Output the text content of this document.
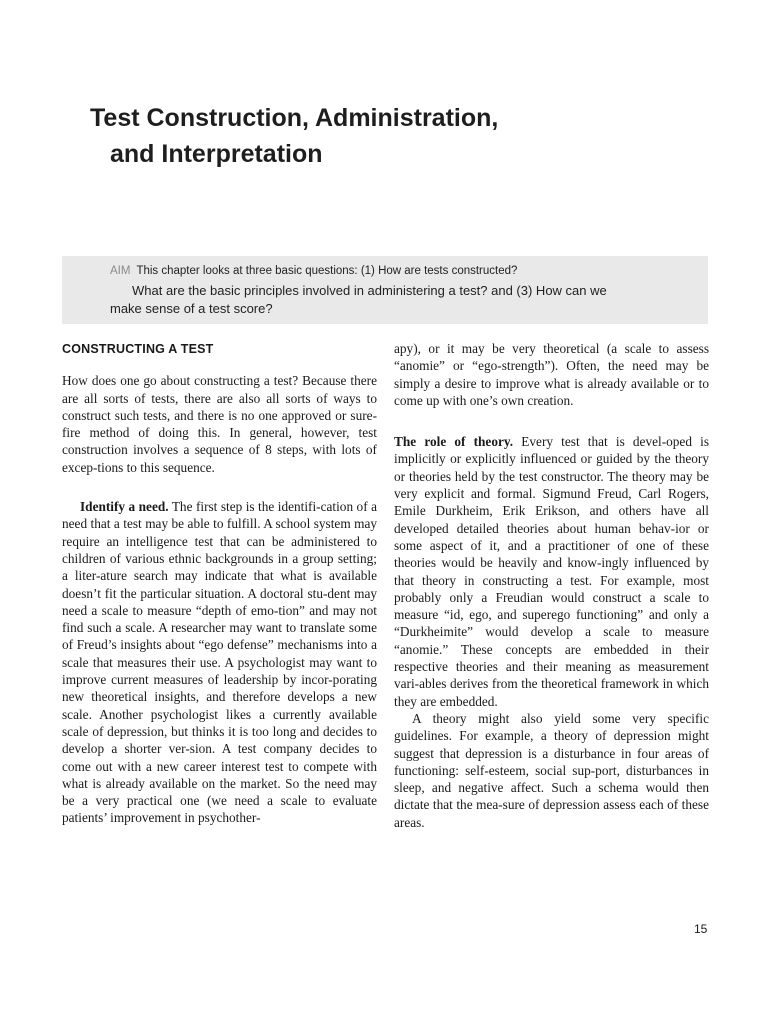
Test Construction, Administration,
and Interpretation
AIM This chapter looks at three basic questions: (1) How are tests constructed?
What are the basic principles involved in administering a test? and (3) How can we
make sense of a test score?
CONSTRUCTING A TEST

How does one go about constructing a test? Because there are all sorts of tests, there are also all sorts of ways to construct such tests, and there is no one approved or sure-fire method of doing this. In general, however, test construction involves a sequence of 8 steps, with lots of excep-tions to this sequence.

Identify a need. The first step is the identifi-cation of a need that a test may be able to fulfill. A school system may require an intelligence test that can be administered to children of various ethnic backgrounds in a group setting; a liter-ature search may indicate that what is available doesn’t fit the particular situation. A doctoral stu-dent may need a scale to measure “depth of emo-tion” and may not find such a scale. A researcher may want to translate some of Freud’s insights about “ego defense” mechanisms into a scale that measures their use. A psychologist may want to improve current measures of leadership by incor-porating new theoretical insights, and therefore develops a new scale. Another psychologist likes a currently available scale of depression, but thinks it is too long and decides to develop a shorter ver-sion. A test company decides to come out with a new career interest test to compete with what is already available on the market. So the need may be a very practical one (we need a scale to evaluate patients’ improvement in psychother-

apy), or it may be very theoretical (a scale to assess “anomie” or “ego-strength”). Often, the need may be simply a desire to improve what is already available or to come up with one’s own creation.

The role of theory. Every test that is devel-oped is implicitly or explicitly influenced or guided by the theory or theories held by the test constructor. The theory may be very explicit and formal. Sigmund Freud, Carl Rogers, Emile Durkheim, Erik Erikson, and others have all developed detailed theories about human behav-ior or some aspect of it, and a practitioner of one of these theories would be heavily and know-ingly influenced by that theory in constructing a test. For example, most probably only a Freudian would construct a scale to measure “id, ego, and superego functioning” and only a “Durkheimite” would develop a scale to measure “anomie.” These concepts are embedded in their respective theories and their meaning as measurement vari-ables derives from the theoretical framework in which they are embedded.

A theory might also yield some very specific guidelines. For example, a theory of depression might suggest that depression is a disturbance in four areas of functioning: self-esteem, social sup-port, disturbances in sleep, and negative affect. Such a schema would then dictate that the mea-sure of depression assess each of these areas.

15
